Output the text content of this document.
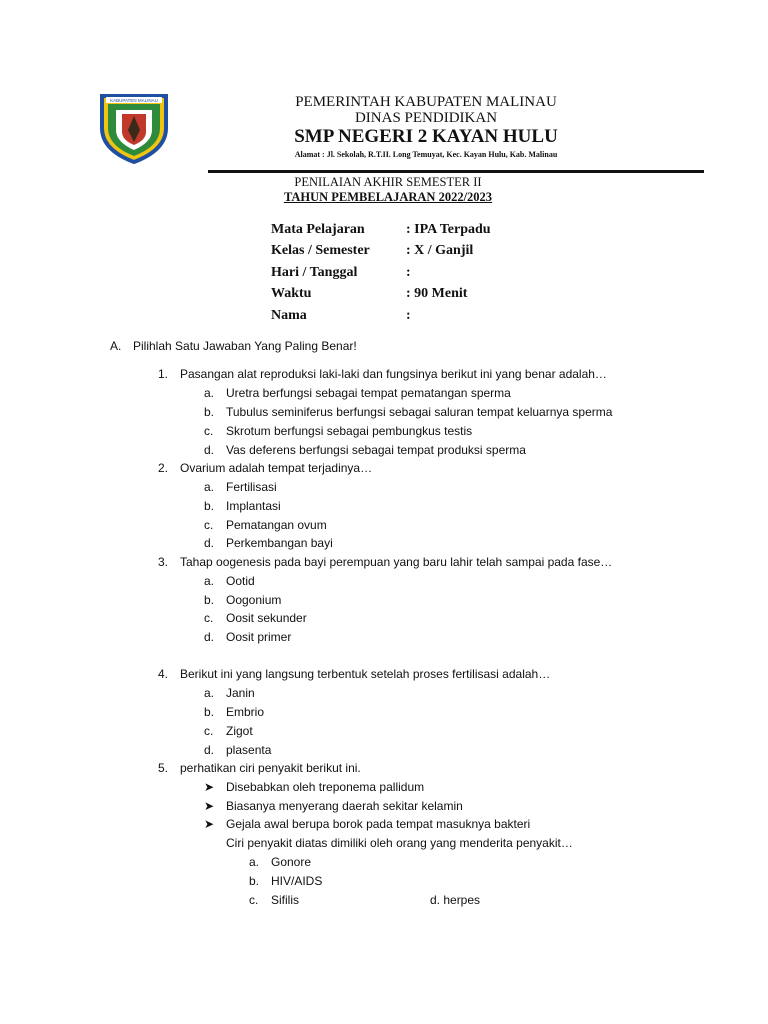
KABUPATEN MALINAU	PEMERINTAH KABUPATEN MALINAU
DINAS PENDIDIKAN
SMP NEGERI 2 KAYAN HULU
Alamat : Jl. Sekolah, R.T.II. Long Temuyat, Kec. Kayan Hulu, Kab. Malinau
PENILAIAN AKHIR SEMESTER II
TAHUN PEMBELAJARAN 2022/2023
Mata Pelajaran	: IPA Terpadu
Kelas / Semester	: X / Ganjil
Hari / Tanggal	:
Waktu	: 90 Menit
Nama	:
A. Pilihlah Satu Jawaban Yang Paling Benar!
1. Pasangan alat reproduksi laki-laki dan fungsinya berikut ini yang benar adalah…
a. Uretra berfungsi sebagai tempat pematangan sperma
b. Tubulus seminiferus berfungsi sebagai saluran tempat keluarnya sperma
c. Skrotum berfungsi sebagai pembungkus testis
d. Vas deferens berfungsi sebagai tempat produksi sperma
2. Ovarium adalah tempat terjadinya…
a. Fertilisasi
b. Implantasi
c. Pematangan ovum
d. Perkembangan bayi
3. Tahap oogenesis pada bayi perempuan yang baru lahir telah sampai pada fase…
a. Ootid
b. Oogonium
c. Oosit sekunder
d. Oosit primer
4. Berikut ini yang langsung terbentuk setelah proses fertilisasi adalah…
a. Janin
b. Embrio
c. Zigot
d. plasenta
5. perhatikan ciri penyakit berikut ini.
➤ Disebabkan oleh treponema pallidum
➤ Biasanya menyerang daerah sekitar kelamin
➤ Gejala awal berupa borok pada tempat masuknya bakteri
Ciri penyakit diatas dimiliki oleh orang yang menderita penyakit…
a. Gonore
b. HIV/AIDS
c. Sifilis	d. herpes
